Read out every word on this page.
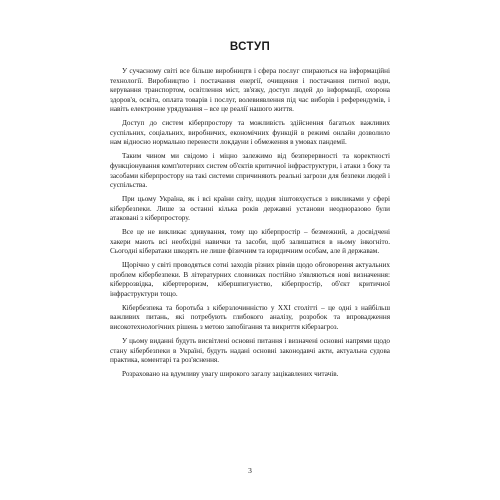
ВСТУП

У сучасному світі все більше виробництв і сфера послуг спираються на інформаційні технології. Виробництво і постачання енергії, очищення і постачання питної води, керування транспортом, освітлення міст, зв'язку, доступ людей до інформації, охорона здоров'я, освіта, оплата товарів і послуг, волевиявлення під час виборів і референдумів, і навіть електронне урядування – все це реалії нашого життя.

Доступ до систем кіберпростору та можливість здійснення багатьох важливих суспільних, соціальних, виробничих, економічних функцій в режимі онлайн дозволило нам відносно нормально перенести локдауни і обмеження в умовах пандемії.

Таким чином ми свідомо і міцно залежимо від безперервності та коректності функціонування комп'ютерних систем об'єктів критичної інфраструктури, і атаки з боку та засобами кіберпростору на такі системи спричиняють реальні загрози для безпеки людей і суспільства.

При цьому Україна, як і всі країни світу, щодня зіштовхується з викликами у сфері кібербезпеки. Лише за останні кілька років державні установи неодноразово були атаковані з кіберпростору.

Все це не викликає здивування, тому що кіберпростір – безмежний, а досвідчені хакери мають всі необхідні навички та засоби, щоб залишатися в ньому інкогніто. Сьогодні кібератаки шкодять не лише фізичним та юридичним особам, але й державам.

Щорічно у світі проводяться сотні заходів різних рівнів щодо обговорення актуальних проблем кібербезпеки. В літературних словниках постійно з'являються нові визначення: кіберрозвідка, кібертероризм, кібершпигунство, кіберпростір, об'єкт критичної інфраструктури тощо.

Кібербезпека та боротьба з кіберзлочинністю у XXI столітті – це одні з найбільш важливих питань, які потребують глибокого аналізу, розробок та впровадження високотехнологічних рішень з метою запобігання та викриття кіберзагроз.

У цьому виданні будуть висвітлені основні питання і визначені основні напрями щодо стану кібербезпеки в Україні, будуть надані основні законодавчі акти, актуальна судова практика, коментарі та роз'яснення.

Розраховано на вдумливу увагу широкого загалу зацікавлених читачів.

3
